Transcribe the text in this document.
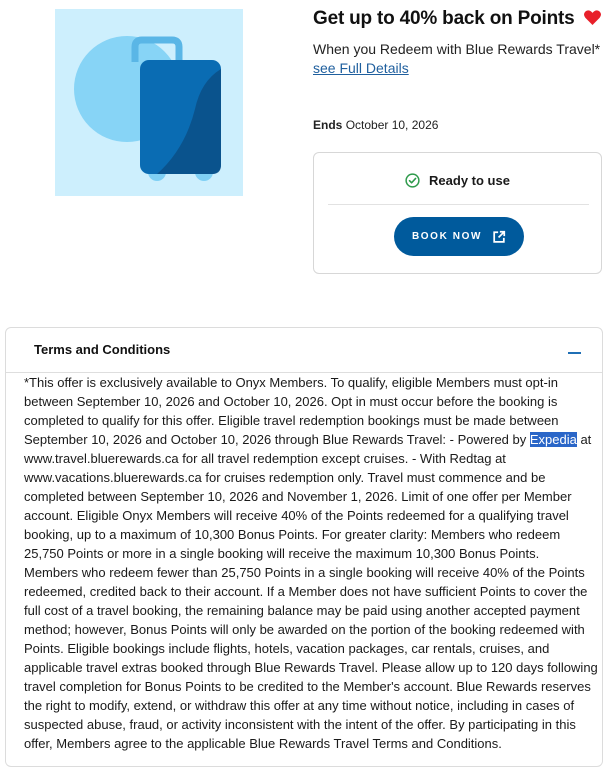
Get up to 40% back on Points
When you Redeem with Blue Rewards Travel*
see Full Details
Ends October 10, 2026
Ready to use
BOOK NOW
Terms and Conditions
*This offer is exclusively available to Onyx Members. To qualify, eligible Members must opt-in
between September 10, 2026 and October 10, 2026. Opt in must occur before the booking is
completed to qualify for this offer. Eligible travel redemption bookings must be made between
September 10, 2026 and October 10, 2026 through Blue Rewards Travel: - Powered by Expedia at
www.travel.bluerewards.ca for all travel redemption except cruises. - With Redtag at
www.vacations.bluerewards.ca for cruises redemption only. Travel must commence and be
completed between September 10, 2026 and November 1, 2026. Limit of one offer per Member
account. Eligible Onyx Members will receive 40% of the Points redeemed for a qualifying travel
booking, up to a maximum of 10,300 Bonus Points. For greater clarity: Members who redeem
25,750 Points or more in a single booking will receive the maximum 10,300 Bonus Points.
Members who redeem fewer than 25,750 Points in a single booking will receive 40% of the Points
redeemed, credited back to their account. If a Member does not have sufficient Points to cover the
full cost of a travel booking, the remaining balance may be paid using another accepted payment
method; however, Bonus Points will only be awarded on the portion of the booking redeemed with
Points. Eligible bookings include flights, hotels, vacation packages, car rentals, cruises, and
applicable travel extras booked through Blue Rewards Travel. Please allow up to 120 days following
travel completion for Bonus Points to be credited to the Member's account. Blue Rewards reserves
the right to modify, extend, or withdraw this offer at any time without notice, including in cases of
suspected abuse, fraud, or activity inconsistent with the intent of the offer. By participating in this
offer, Members agree to the applicable Blue Rewards Travel Terms and Conditions.
